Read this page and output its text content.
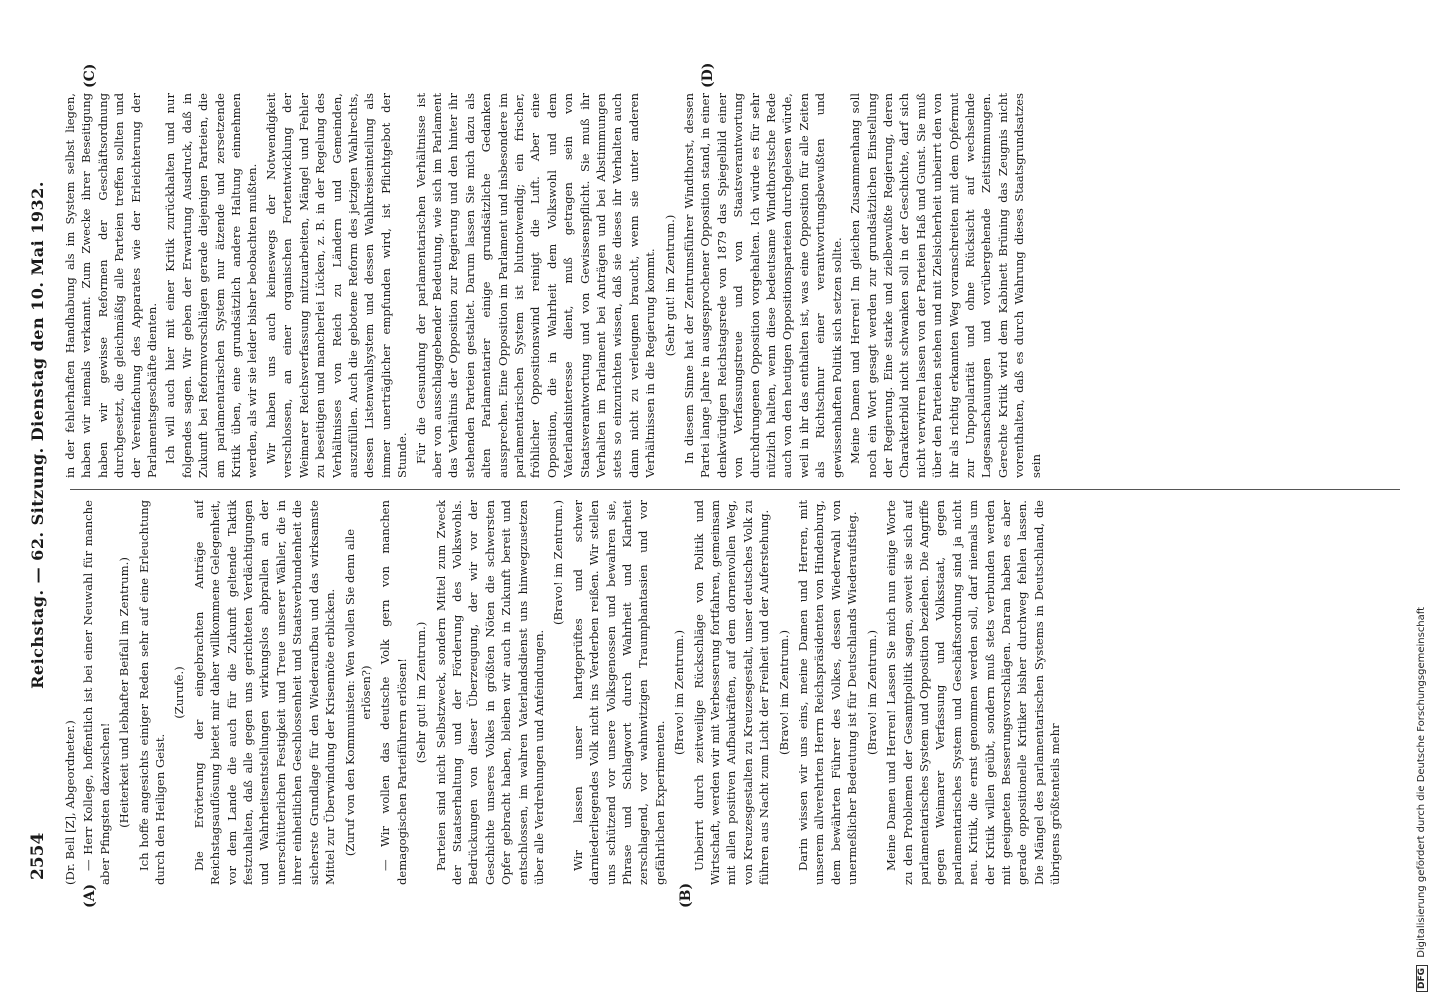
2554
Reichstag. — 62. Sitzung. Dienstag den 10. Mai 1932.
(A)	(B)
(C)	(D)

(Dr. Bell [Z], Abgeordneter.) — Herr Kollege, hoffentlich ist bei einer Neuwahl für manche aber Pfingsten dazwischen! (Heiterkeit und lebhafter Beifall im Zentrum.) Ich hoffe angesichts einiger Reden sehr auf eine Erleuchtung durch den Heiligen Geist.

(Zurufe.) Die Erörterung der eingebrachten Anträge auf Reichstagsauflösung bietet mir daher willkommene Gelegenheit, vor dem Lande die auch für die Zukunft geltende Taktik festzuhalten, daß alle gegen uns gerichteten Verdächtigungen und Wahrheitsentstellungen wirkungslos abprallen an der unerschütterlichen Festigkeit und Treue unserer Wähler, die in ihrer einheitlichen Geschlossenheit und Staatsverbundenheit die sicherste Grundlage für den Wiederaufbau und das wirksamste Mittel zur Überwindung der Krisennöte erblicken. (Zuruf von den Kommunisten: Wen wollen Sie denn alle erlösen?) — Wir wollen das deutsche Volk gern von manchen demagogischen Parteiführern erlösen! (Sehr gut! im Zentrum.) Parteien sind nicht Selbstzweck, sondern Mittel zum Zweck der Staatserhaltung und der Förderung des Volkswohls. Bedrückungen von dieser Überzeugung, der wir vor der Geschichte unseres Volkes in größten Nöten die schwersten Opfer gebracht haben, bleiben wir auch in Zukunft bereit und entschlossen, im wahren Vaterlandsdienst uns hinwegzusetzen über alle Verdrehungen und Anfeindungen.

(Bravo! im Zentrum.) Wir lassen unser hartgeprüftes und schwer darniederliegendes Volk nicht ins Verderben reißen. Wir stellen uns schützend vor unsere Volksgenossen und bewahren sie, Phrase und Schlagwort durch Wahrheit und Klarheit zerschlagend, vor wahnwitzigen Traumphantasien und vor gefährlichen Experimenten.

(Bravo! im Zentrum.) Unbeirrt durch zeitweilige Rückschläge von Politik und Wirtschaft, werden wir mit Verbesserung fortfahren, gemeinsam mit allen positiven Aufbaukräften, auf dem dornenvollen Weg, von Kreuzesgestalten zu Kreuzesgestalt, unser deutsches Volk zu führen aus Nacht zum Licht der Freiheit und der Auferstehung. (Bravo! im Zentrum.) Darin wissen wir uns eins, meine Damen und Herren, mit unserem allverehrten Herrn Reichspräsidenten von Hindenburg, dem bewährten Führer des Volkes, dessen Wiederwahl von unermeßlicher Bedeutung ist für Deutschlands Wiederaufstieg. (Bravo! im Zentrum.) Meine Damen und Herren! Lassen Sie mich nun einige Worte zu den Problemen der Gesamtpolitik sagen, soweit sie sich auf parlamentarisches System und Opposition beziehen. Die Angriffe gegen Weimarer Verfassung und Volksstaat, gegen parlamentarisches System und Geschäftsordnung sind ja nicht neu. Kritik, die ernst genommen werden soll, darf niemals um der Kritik willen geübt, sondern muß stets verbunden werden mit geeigneten Besserungsvorschlägen. Daran haben es aber gerade oppositionelle Kritiker bisher durchweg fehlen lassen. Die Mängel des parlamentarischen Systems in Deutschland, die übrigens größtenteils mehr

in der fehlerhaften Handhabung als im System selbst liegen, haben wir niemals verkannt. Zum Zwecke ihrer Beseitigung haben wir gewisse Reformen der Geschäftsordnung durchgesetzt, die gleichmäßig alle Parteien treffen sollten und der Vereinfachung des Apparates wie der Erleichterung der Parlamentsgeschäfte dienten. Ich will auch hier mit einer Kritik zurückhalten und nur folgendes sagen. Wir geben der Erwartung Ausdruck, daß in Zukunft bei Reformvorschlägen gerade diejenigen Parteien, die am parlamentarischen System nur ätzende und zersetzende Kritik üben, eine grundsätzlich andere Haltung einnehmen werden, als wir sie leider bisher beobachten mußten. Wir haben uns auch keineswegs der Notwendigkeit verschlossen, an einer organischen Fortentwicklung der Weimarer Reichsverfassung mitzuarbeiten, Mängel und Fehler zu beseitigen und mancherlei Lücken, z. B. in der Regelung des Verhältnisses von Reich zu Ländern und Gemeinden, auszufüllen. Auch die gebotene Reform des jetzigen Wahlrechts, dessen Listenwahlsystem und dessen Wahlkreiseinteilung als immer unerträglicher empfunden wird, ist Pflichtgebot der Stunde. Für die Gesundung der parlamentarischen Verhältnisse ist aber von ausschlaggebender Bedeutung, wie sich im Parlament das Verhältnis der Opposition zur Regierung und den hinter ihr stehenden Parteien gestaltet. Darum lassen Sie mich dazu als alten Parlamentarier einige grundsätzliche Gedanken aussprechen. Eine Opposition im Parlament und insbesondere im parlamentarischen System ist blutnotwendig; ein frischer, fröhlicher Oppositionswind reinigt die Luft. Aber eine Opposition, die in Wahrheit dem Volkswohl und dem Vaterlandsinteresse dient, muß getragen sein von Staatsverantwortung und von Gewissenspflicht. Sie muß ihr Verhalten im Parlament bei Anträgen und bei Abstimmungen stets so einzurichten wissen, daß sie dieses ihr Verhalten auch dann nicht zu verleugnen braucht, wenn sie unter anderen Verhältnissen in die Regierung kommt. (Sehr gut! im Zentrum.) In diesem Sinne hat der Zentrumsführer Windthorst, dessen Partei lange Jahre in ausgesprochener Opposition stand, in einer denkwürdigen Reichstagsrede von 1879 das Spiegelbild einer von Verfassungstreue und von Staatsverantwortung durchdrungenen Opposition vorgehalten. Ich würde es für sehr nützlich halten, wenn diese bedeutsame Windthorstsche Rede auch von den heutigen Oppositionsparteien durchgelesen würde, weil in ihr das enthalten ist, was eine Opposition für alle Zeiten als Richtschnur einer verantwortungsbewußten und gewissenhaften Politik sich setzen sollte. Meine Damen und Herren! Im gleichen Zusammenhang soll noch ein Wort gesagt werden zur grundsätzlichen Einstellung der Regierung. Eine starke und zielbewußte Regierung, deren Charakterbild nicht schwanken soll in der Geschichte, darf sich nicht verwirren lassen von der Parteien Haß und Gunst. Sie muß über den Parteien stehen und mit Zielsicherheit unbeirrt den von ihr als richtig erkannten Weg voranschreiten mit dem Opfermut zur Unpopularität und ohne Rücksicht auf wechselnde Lagesanschauungen und vorübergehende Zeitstimmungen. Gerechte Kritik wird dem Kabinett Brüning das Zeugnis nicht vorenthalten, daß es durch Wahrung dieses Staatsgrundsatzes sein

DFG Digitalisierung gefördert durch die Deutsche Forschungsgemeinschaft
